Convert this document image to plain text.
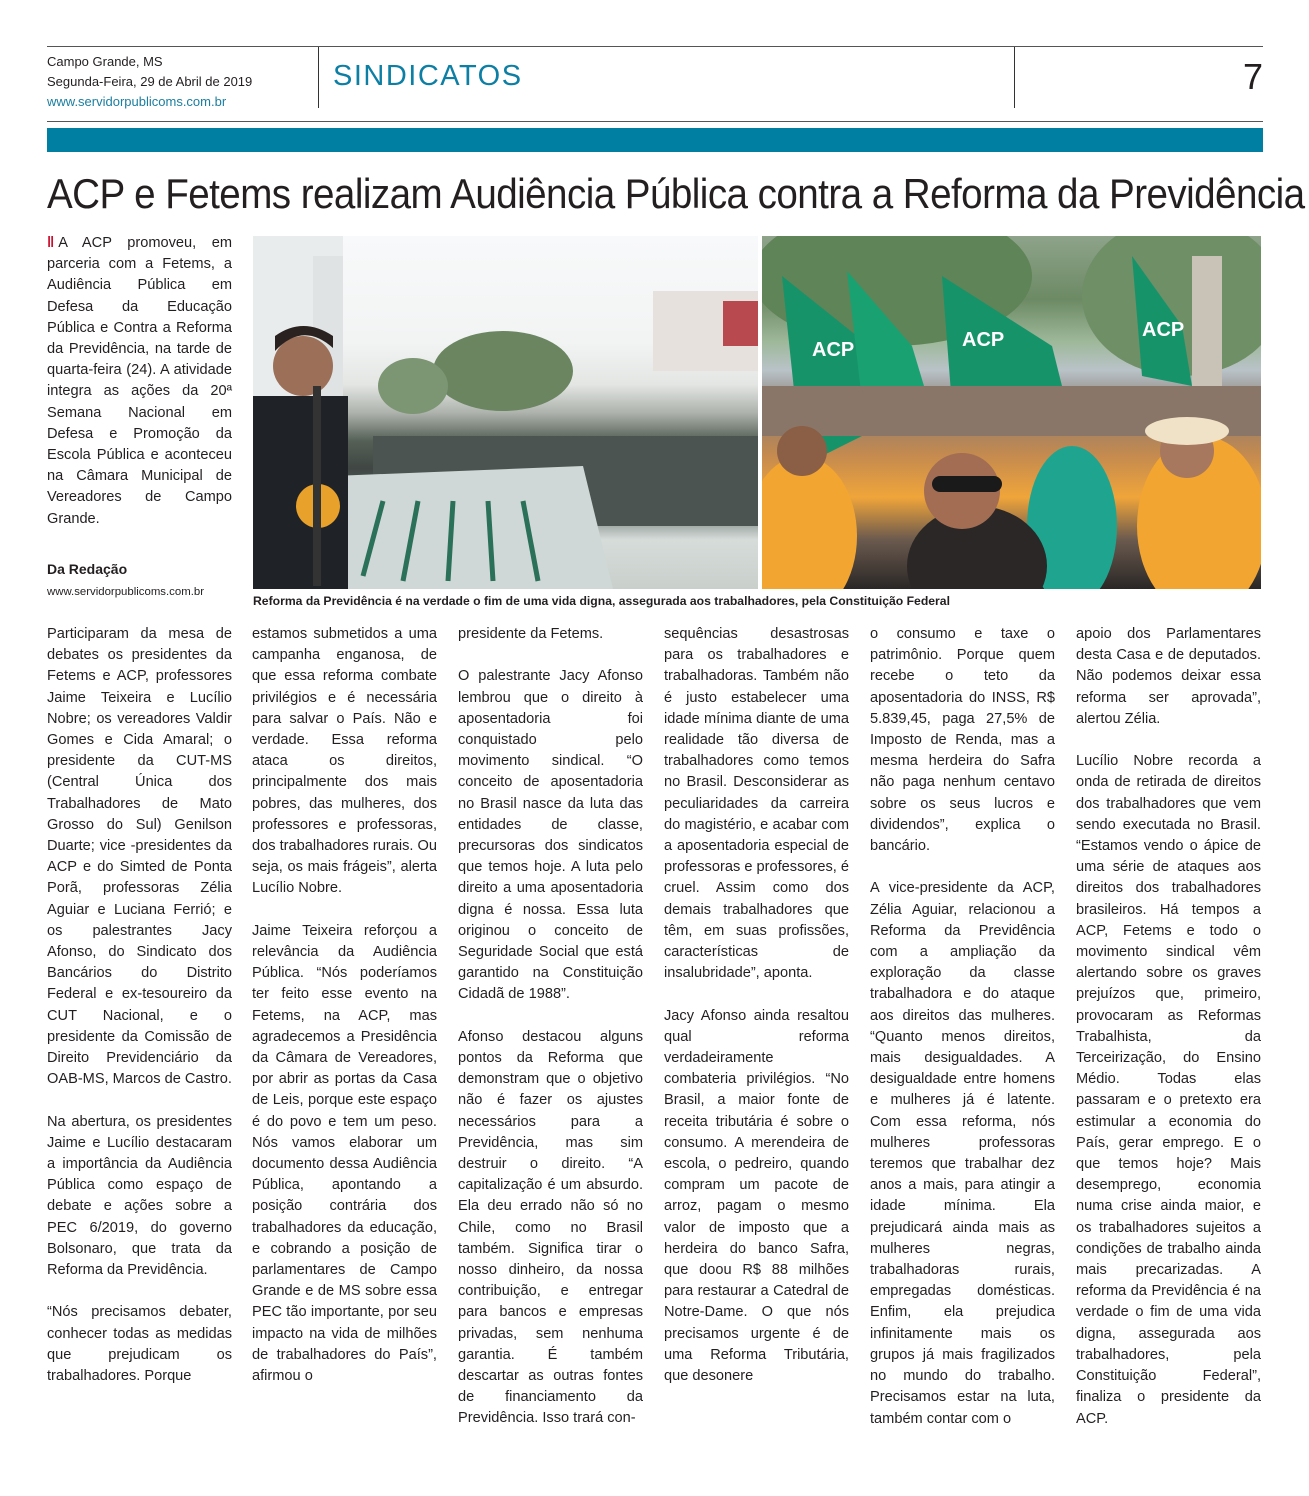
Campo Grande, MS
Segunda-Feira, 29 de Abril de 2019
www.servidorpublicoms.com.br
SINDICATOS	7
ACP e Fetems realizam Audiência Pública contra a Reforma da Previdência
‖ A ACP promoveu, em parceria com a Fetems, a Audiência Pública em Defesa da Educação Pública e Contra a Reforma da Previdência, na tarde de quarta-feira (24). A atividade integra as ações da 20ª Semana Nacional em Defesa e Promoção da Escola Pública e aconteceu na Câmara Municipal de Vereadores de Campo Grande.
Da Redação
www.servidorpublicoms.com.br
ACP	ACP	ACP
Reforma da Previdência é na verdade o fim de uma vida digna, assegurada aos trabalhadores, pela Constituição Federal

Participaram da mesa de debates os presidentes da Fetems e ACP, professores Jaime Teixeira e Lucílio Nobre; os vereadores Valdir Gomes e Cida Amaral; o presidente da CUT-MS (Central Única dos Trabalhadores de Mato Grosso do Sul) Genilson Duarte; vice -presidentes da ACP e do Simted de Ponta Porã, professoras Zélia Aguiar e Luciana Ferrió; e os palestrantes Jacy Afonso, do Sindicato dos Bancários do Distrito Federal e ex-tesoureiro da CUT Nacional, e o presidente da Comissão de Direito Previdenciário da OAB-MS, Marcos de Castro.

Na abertura, os presidentes Jaime e Lucílio destacaram a importância da Audiência Pública como espaço de debate e ações sobre a PEC 6/2019, do governo Bolsonaro, que trata da Reforma da Previdência.

“Nós precisamos debater, conhecer todas as medidas que prejudicam os trabalhadores. Porque

estamos submetidos a uma campanha enganosa, de que essa reforma combate privilégios e é necessária para salvar o País. Não e verdade. Essa reforma ataca os direitos, principalmente dos mais pobres, das mulheres, dos professores e professoras, dos trabalhadores rurais. Ou seja, os mais frágeis”, alerta Lucílio Nobre.

Jaime Teixeira reforçou a relevância da Audiência Pública. “Nós poderíamos ter feito esse evento na Fetems, na ACP, mas agradecemos a Presidência da Câmara de Vereadores, por abrir as portas da Casa de Leis, porque este espaço é do povo e tem um peso. Nós vamos elaborar um documento dessa Audiência Pública, apontando a posição contrária dos trabalhadores da educação, e cobrando a posição de parlamentares de Campo Grande e de MS sobre essa PEC tão importante, por seu impacto na vida de milhões de trabalhadores do País”, afirmou o

presidente da Fetems.

O palestrante Jacy Afonso lembrou que o direito à aposentadoria foi conquistado pelo movimento sindical. “O conceito de aposentadoria no Brasil nasce da luta das entidades de classe, precursoras dos sindicatos que temos hoje. A luta pelo direito a uma aposentadoria digna é nossa. Essa luta originou o conceito de Seguridade Social que está garantido na Constituição Cidadã de 1988”.

Afonso destacou alguns pontos da Reforma que demonstram que o objetivo não é fazer os ajustes necessários para a Previdência, mas sim destruir o direito. “A capitalização é um absurdo. Ela deu errado não só no Chile, como no Brasil também. Significa tirar o nosso dinheiro, da nossa contribuição, e entregar para bancos e empresas privadas, sem nenhuma garantia. É também descartar as outras fontes de financiamento da Previdência. Isso trará con-

sequências desastrosas para os trabalhadores e trabalhadoras. Também não é justo estabelecer uma idade mínima diante de uma realidade tão diversa de trabalhadores como temos no Brasil. Desconsiderar as peculiaridades da carreira do magistério, e acabar com a aposentadoria especial de professoras e professores, é cruel. Assim como dos demais trabalhadores que têm, em suas profissões, características de insalubridade”, aponta.

Jacy Afonso ainda resaltou qual reforma verdadeiramente combateria privilégios. “No Brasil, a maior fonte de receita tributária é sobre o consumo. A merendeira de escola, o pedreiro, quando compram um pacote de arroz, pagam o mesmo valor de imposto que a herdeira do banco Safra, que doou R$ 88 milhões para restaurar a Catedral de Notre-Dame. O que nós precisamos urgente é de uma Reforma Tributária, que desonere

o consumo e taxe o patrimônio. Porque quem recebe o teto da aposentadoria do INSS, R$ 5.839,45, paga 27,5% de Imposto de Renda, mas a mesma herdeira do Safra não paga nenhum centavo sobre os seus lucros e dividendos”, explica o bancário.

A vice-presidente da ACP, Zélia Aguiar, relacionou a Reforma da Previdência com a ampliação da exploração da classe trabalhadora e do ataque aos direitos das mulheres. “Quanto menos direitos, mais desigualdades. A desigualdade entre homens e mulheres já é latente. Com essa reforma, nós mulheres professoras teremos que trabalhar dez anos a mais, para atingir a idade mínima. Ela prejudicará ainda mais as mulheres negras, trabalhadoras rurais, empregadas domésticas. Enfim, ela prejudica infinitamente mais os grupos já mais fragilizados no mundo do trabalho. Precisamos estar na luta, também contar com o

apoio dos Parlamentares desta Casa e de deputados. Não podemos deixar essa reforma ser aprovada”, alertou Zélia.

Lucílio Nobre recorda a onda de retirada de direitos dos trabalhadores que vem sendo executada no Brasil. “Estamos vendo o ápice de uma série de ataques aos direitos dos trabalhadores brasileiros. Há tempos a ACP, Fetems e todo o movimento sindical vêm alertando sobre os graves prejuízos que, primeiro, provocaram as Reformas Trabalhista, da Terceirização, do Ensino Médio. Todas elas passaram e o pretexto era estimular a economia do País, gerar emprego. E o que temos hoje? Mais desemprego, economia numa crise ainda maior, e os trabalhadores sujeitos a condições de trabalho ainda mais precarizadas. A reforma da Previdência é na verdade o fim de uma vida digna, assegurada aos trabalhadores, pela Constituição Federal”, finaliza o presidente da ACP.
